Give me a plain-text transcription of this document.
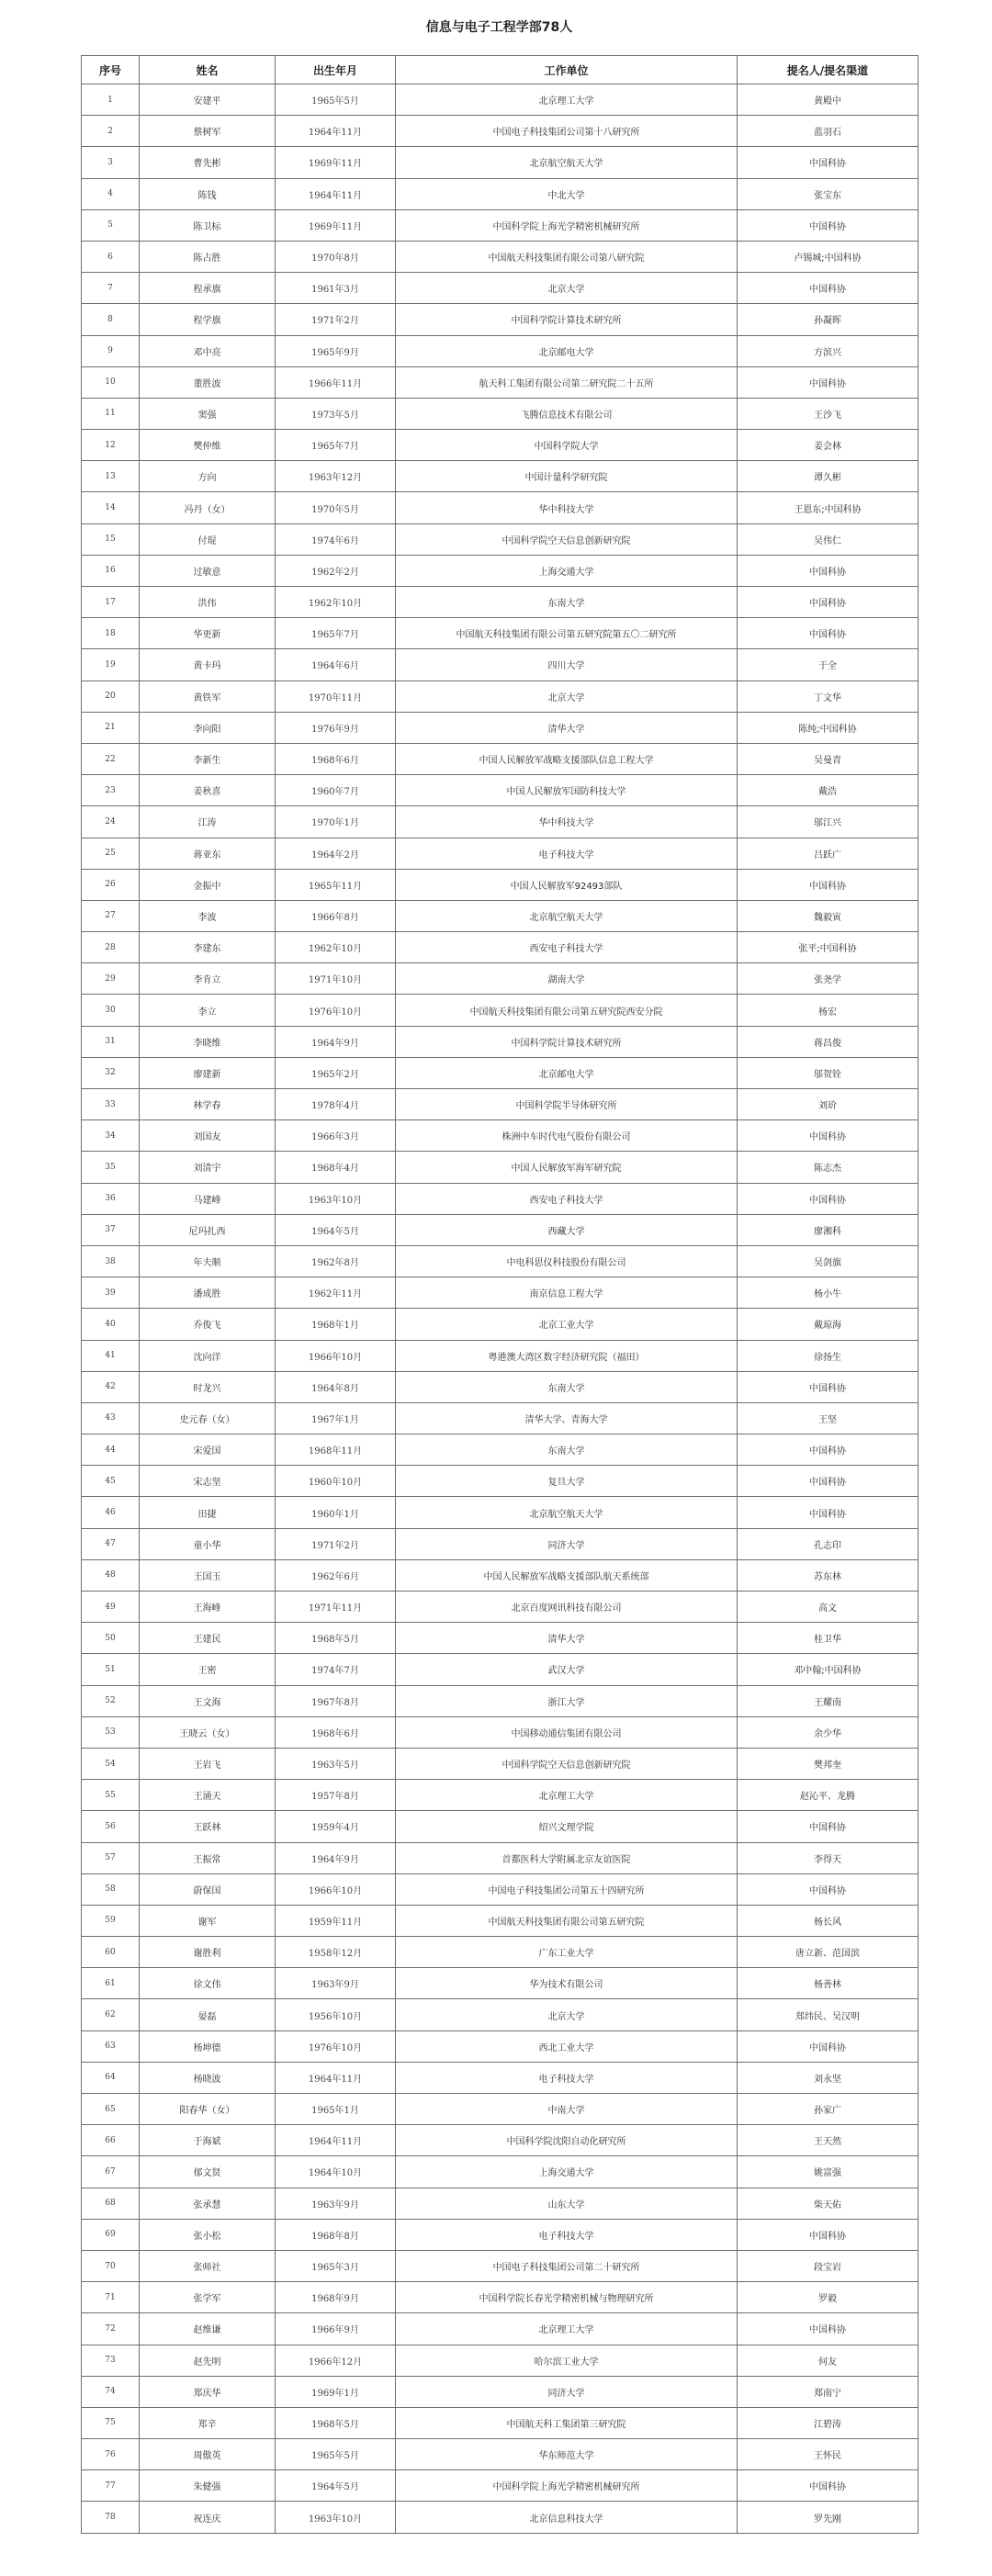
信息与电子工程学部78人
序号	姓名	出生年月	工作单位	提名人/提名渠道
1	安建平	1965年5月	北京理工大学	黄殿中
2	蔡树军	1964年11月	中国电子科技集团公司第十八研究所	蓝羽石
3	曹先彬	1969年11月	北京航空航天大学	中国科协
4	陈钱	1964年11月	中北大学	张宝东
5	陈卫标	1969年11月	中国科学院上海光学精密机械研究所	中国科协
6	陈占胜	1970年8月	中国航天科技集团有限公司第八研究院	卢锡城;中国科协
7	程承旗	1961年3月	北京大学	中国科协
8	程学旗	1971年2月	中国科学院计算技术研究所	孙凝晖
9	邓中亮	1965年9月	北京邮电大学	方滨兴
10	董胜波	1966年11月	航天科工集团有限公司第二研究院二十五所	中国科协
11	窦强	1973年5月	飞腾信息技术有限公司	王沙飞
12	樊仲维	1965年7月	中国科学院大学	姜会林
13	方向	1963年12月	中国计量科学研究院	谭久彬
14	冯丹（女）	1970年5月	华中科技大学	王恩东;中国科协
15	付琨	1974年6月	中国科学院空天信息创新研究院	吴伟仁
16	过敏意	1962年2月	上海交通大学	中国科协
17	洪伟	1962年10月	东南大学	中国科协
18	华更新	1965年7月	中国航天科技集团有限公司第五研究院第五〇二研究所	中国科协
19	黄卡玛	1964年6月	四川大学	于全
20	黄铁军	1970年11月	北京大学	丁文华
21	李向阳	1976年9月	清华大学	陈纯;中国科协
22	李新生	1968年6月	中国人民解放军战略支援部队信息工程大学	吴曼青
23	姜秋喜	1960年7月	中国人民解放军国防科技大学	戴浩
24	江涛	1970年1月	华中科技大学	邬江兴
25	蒋亚东	1964年2月	电子科技大学	吕跃广
26	金振中	1965年11月	中国人民解放军92493部队	中国科协
27	李波	1966年8月	北京航空航天大学	魏毅寅
28	李建东	1962年10月	西安电子科技大学	张平;中国科协
29	李肯立	1971年10月	湖南大学	张尧学
30	李立	1976年10月	中国航天科技集团有限公司第五研究院西安分院	杨宏
31	李晓维	1964年9月	中国科学院计算技术研究所	蒋昌俊
32	廖建新	1965年2月	北京邮电大学	邬贺铨
33	林学春	1978年4月	中国科学院半导体研究所	刘玠
34	刘国友	1966年3月	株洲中车时代电气股份有限公司	中国科协
35	刘清宇	1968年4月	中国人民解放军海军研究院	陈志杰
36	马建峰	1963年10月	西安电子科技大学	中国科协
37	尼玛扎西	1964年5月	西藏大学	廖湘科
38	年夫顺	1962年8月	中电科思仪科技股份有限公司	吴剑旗
39	潘成胜	1962年11月	南京信息工程大学	杨小牛
40	乔俊飞	1968年1月	北京工业大学	戴琼海
41	沈向洋	1966年10月	粤港澳大湾区数字经济研究院（福田）	徐扬生
42	时龙兴	1964年8月	东南大学	中国科协
43	史元春（女）	1967年1月	清华大学、青海大学	王坚
44	宋爱国	1968年11月	东南大学	中国科协
45	宋志坚	1960年10月	复旦大学	中国科协
46	田捷	1960年1月	北京航空航天大学	中国科协
47	童小华	1971年2月	同济大学	孔志印
48	王国玉	1962年6月	中国人民解放军战略支援部队航天系统部	苏东林
49	王海峰	1971年11月	北京百度网讯科技有限公司	高文
50	王建民	1968年5月	清华大学	桂卫华
51	王密	1974年7月	武汉大学	邓中翰;中国科协
52	王文海	1967年8月	浙江大学	王耀南
53	王晓云（女）	1968年6月	中国移动通信集团有限公司	余少华
54	王岩飞	1963年5月	中国科学院空天信息创新研究院	樊邦奎
55	王涌天	1957年8月	北京理工大学	赵沁平、龙腾
56	王跃林	1959年4月	绍兴文理学院	中国科协
57	王振常	1964年9月	首都医科大学附属北京友谊医院	李得天
58	蔚保国	1966年10月	中国电子科技集团公司第五十四研究所	中国科协
59	谢军	1959年11月	中国航天科技集团有限公司第五研究院	杨长风
60	谢胜利	1958年12月	广东工业大学	唐立新、范国滨
61	徐文伟	1963年9月	华为技术有限公司	杨善林
62	晏磊	1956年10月	北京大学	郑纬民、吴汉明
63	杨坤德	1976年10月	西北工业大学	中国科协
64	杨晓波	1964年11月	电子科技大学	刘永坚
65	阳春华（女）	1965年1月	中南大学	孙家广
66	于海斌	1964年11月	中国科学院沈阳自动化研究所	王天然
67	郁文贤	1964年10月	上海交通大学	姚富强
68	张承慧	1963年9月	山东大学	柴天佑
69	张小松	1968年8月	电子科技大学	中国科协
70	张师社	1965年3月	中国电子科技集团公司第二十研究所	段宝岩
71	张学军	1968年9月	中国科学院长春光学精密机械与物理研究所	罗毅
72	赵维谦	1966年9月	北京理工大学	中国科协
73	赵先明	1966年12月	哈尔滨工业大学	何友
74	郑庆华	1969年1月	同济大学	郑南宁
75	郑辛	1968年5月	中国航天科工集团第三研究院	江碧涛
76	周傲英	1965年5月	华东师范大学	王怀民
77	朱健强	1964年5月	中国科学院上海光学精密机械研究所	中国科协
78	祝连庆	1963年10月	北京信息科技大学	罗先刚
